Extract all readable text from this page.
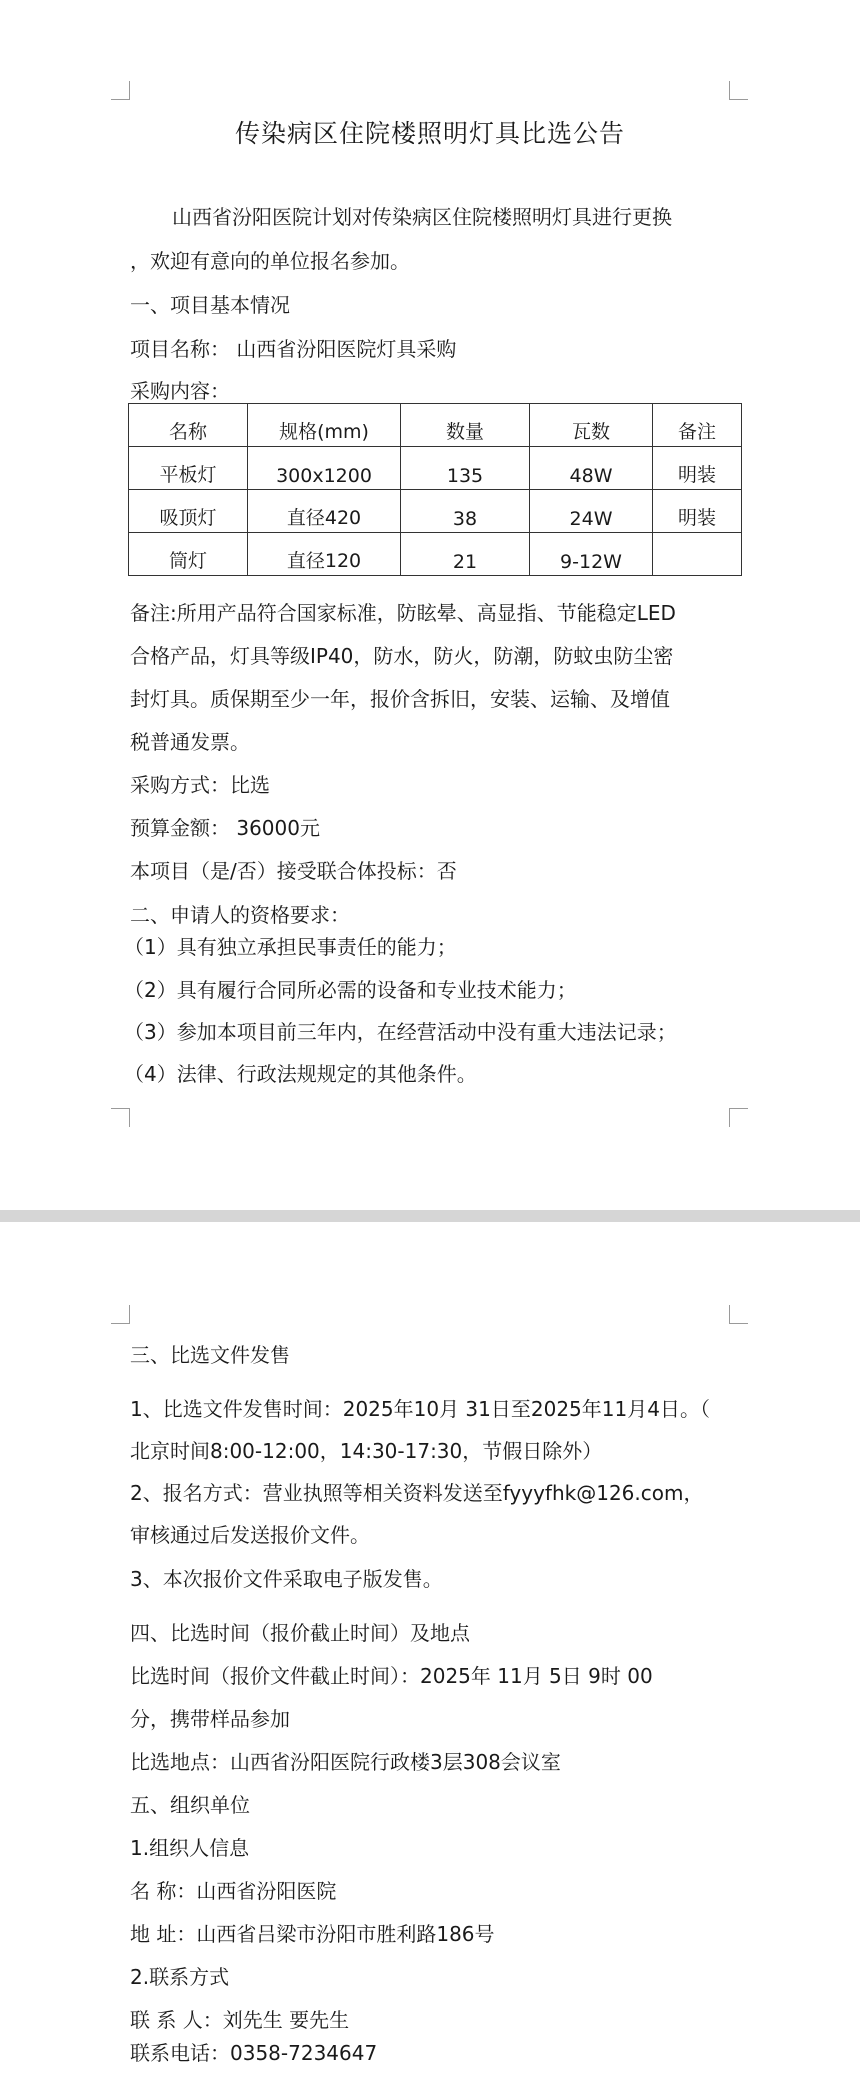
传染病区住院楼照明灯具比选公告
山西省汾阳医院计划对传染病区住院楼照明灯具进行更换
，欢迎有意向的单位报名参加。
一、项目基本情况
项目名称： 山西省汾阳医院灯具采购
采购内容：
名称	规格(mm)	数量	瓦数	备注
平板灯	300x1200	135	48W	明装
吸顶灯	直径420	38	24W	明装
筒灯	直径120	21	9-12W	
备注:所用产品符合国家标准，防眩晕、高显指、节能稳定LED
合格产品，灯具等级IP40，防水，防火，防潮，防蚊虫防尘密
封灯具。质保期至少一年，报价含拆旧，安装、运输、及增值
税普通发票。
采购方式：比选
预算金额： 36000元
本项目（是/否）接受联合体投标：否
二、申请人的资格要求：
（1）具有独立承担民事责任的能力；
（2）具有履行合同所必需的设备和专业技术能力；
（3）参加本项目前三年内，在经营活动中没有重大违法记录；
（4）法律、行政法规规定的其他条件。
三、比选文件发售
1、比选文件发售时间：2025年10月 31日至2025年11月4日。（
北京时间8:00-12:00，14:30-17:30，节假日除外）
2、报名方式：营业执照等相关资料发送至fyyyfhk@126.com，
审核通过后发送报价文件。
3、本次报价文件采取电子版发售。
四、比选时间（报价截止时间）及地点
比选时间（报价文件截止时间）：2025年 11月 5日 9时 00
分，携带样品参加
比选地点：山西省汾阳医院行政楼3层308会议室
五、组织单位
1.组织人信息
名 称：山西省汾阳医院
地 址：山西省吕梁市汾阳市胜利路186号
2.联系方式
联 系 人：刘先生 要先生
联系电话：0358-7234647
